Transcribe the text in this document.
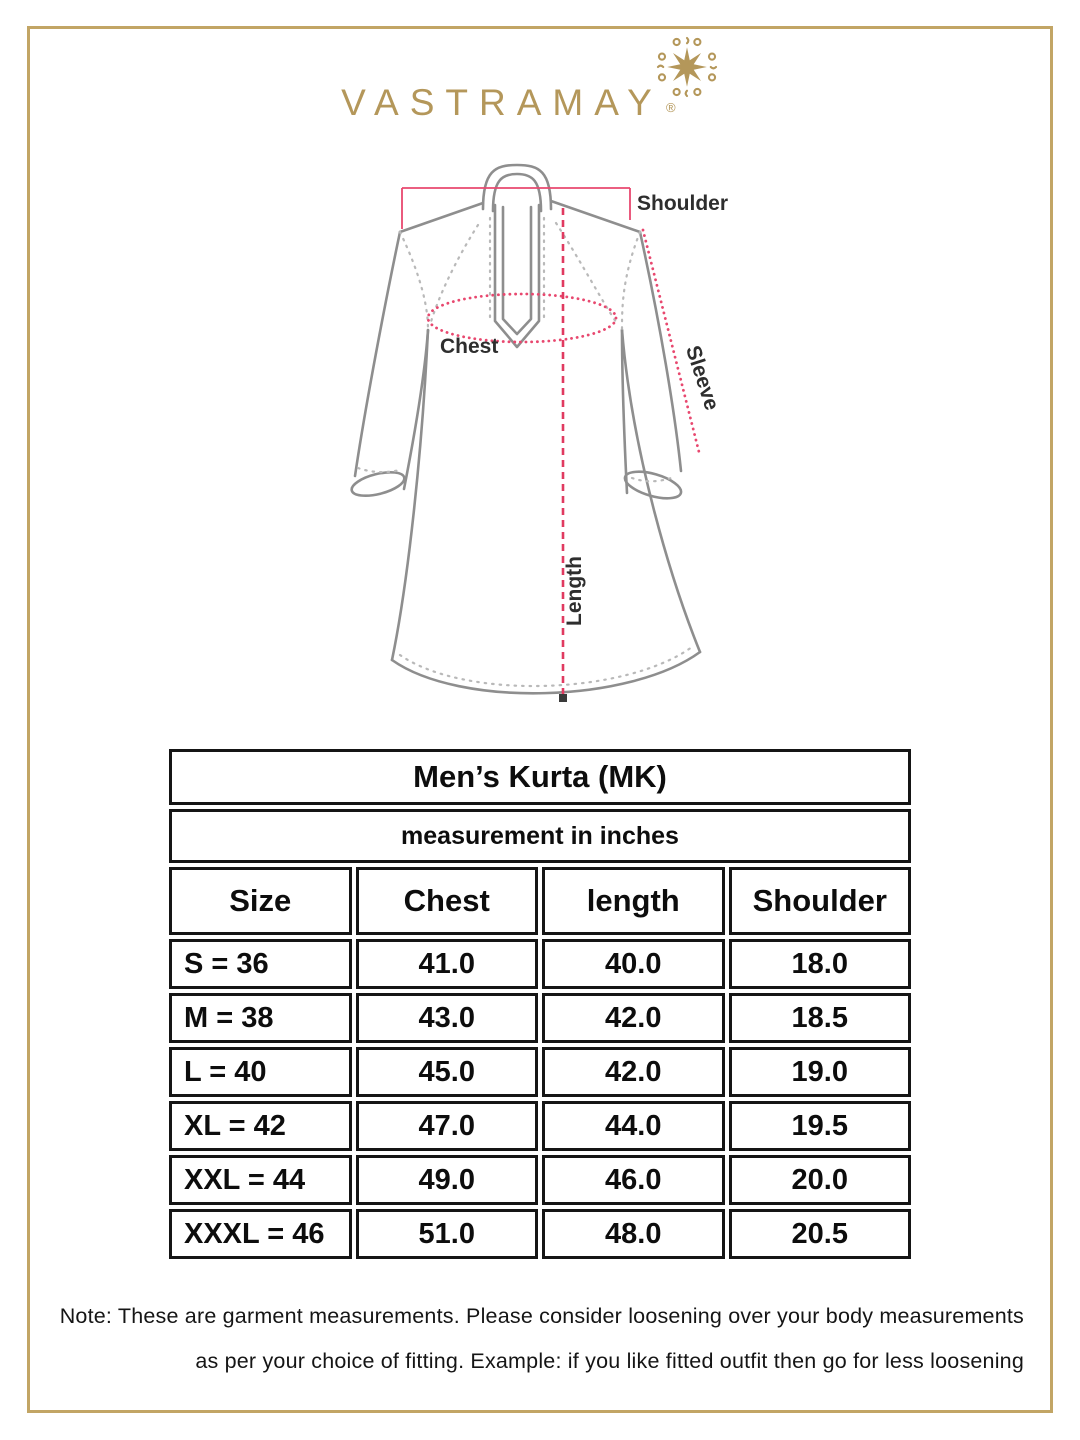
VASTRAMAY ®
Shoulder
Chest	Sleeve
Length
Men’s Kurta (MK)			
measurement in inches			
Size	Chest	length	Shoulder
S = 36	41.0	40.0	18.0
M = 38	43.0	42.0	18.5
L = 40	45.0	42.0	19.0
XL = 42	47.0	44.0	19.5
XXL = 44	49.0	46.0	20.0
XXXL = 46	51.0	48.0	20.5
Note: These are garment measurements. Please consider loosening over your body measurements
as per your choice of fitting. Example: if you like fitted outfit then go for less loosening
